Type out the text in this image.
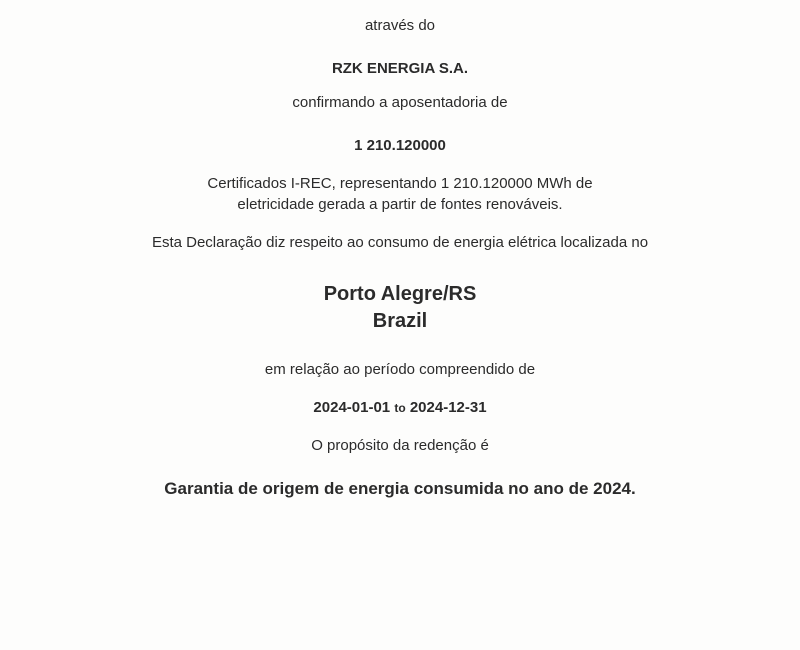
através do

RZK ENERGIA S.A.

confirmando a aposentadoria de

1 210.120000

Certificados I-REC, representando 1 210.120000 MWh de

eletricidade gerada a partir de fontes renováveis.

Esta Declaração diz respeito ao consumo de energia elétrica localizada no

Porto Alegre/RS

Brazil

em relação ao período compreendido de

2024-01-01 to 2024-12-31

O propósito da redenção é

Garantia de origem de energia consumida no ano de 2024.
